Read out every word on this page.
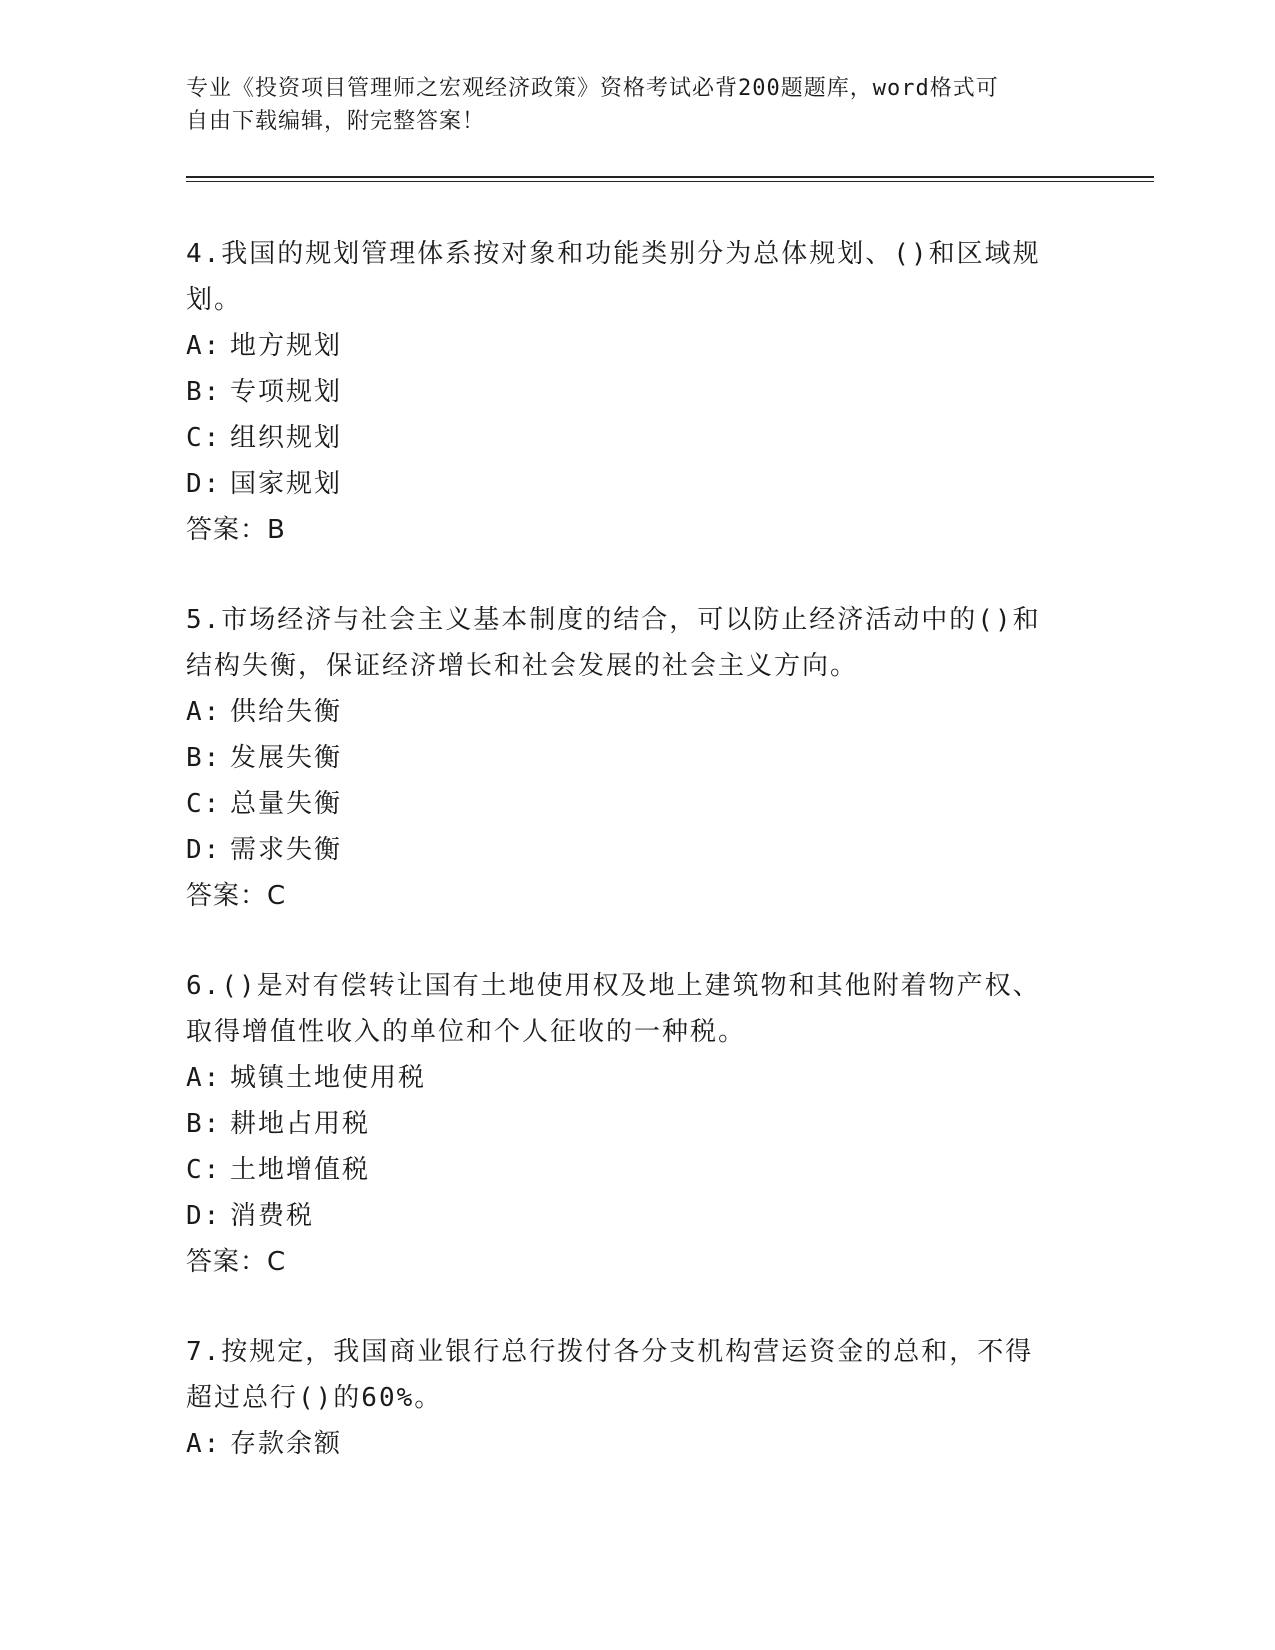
专业《投资项目管理师之宏观经济政策》资格考试必背200题题库，word格式可
自由下载编辑，附完整答案！

4.我国的规划管理体系按对象和功能类别分为总体规划、()和区域规
划。

A: 地方规划

B: 专项规划

C: 组织规划

D: 国家规划

答案：B

5.市场经济与社会主义基本制度的结合，可以防止经济活动中的()和
结构失衡，保证经济增长和社会发展的社会主义方向。

A: 供给失衡

B: 发展失衡

C: 总量失衡

D: 需求失衡

答案：C

6.()是对有偿转让国有土地使用权及地上建筑物和其他附着物产权、
取得增值性收入的单位和个人征收的一种税。

A: 城镇土地使用税

B: 耕地占用税

C: 土地增值税

D: 消费税

答案：C

7.按规定，我国商业银行总行拨付各分支机构营运资金的总和，不得
超过总行()的60%。

A: 存款余额
